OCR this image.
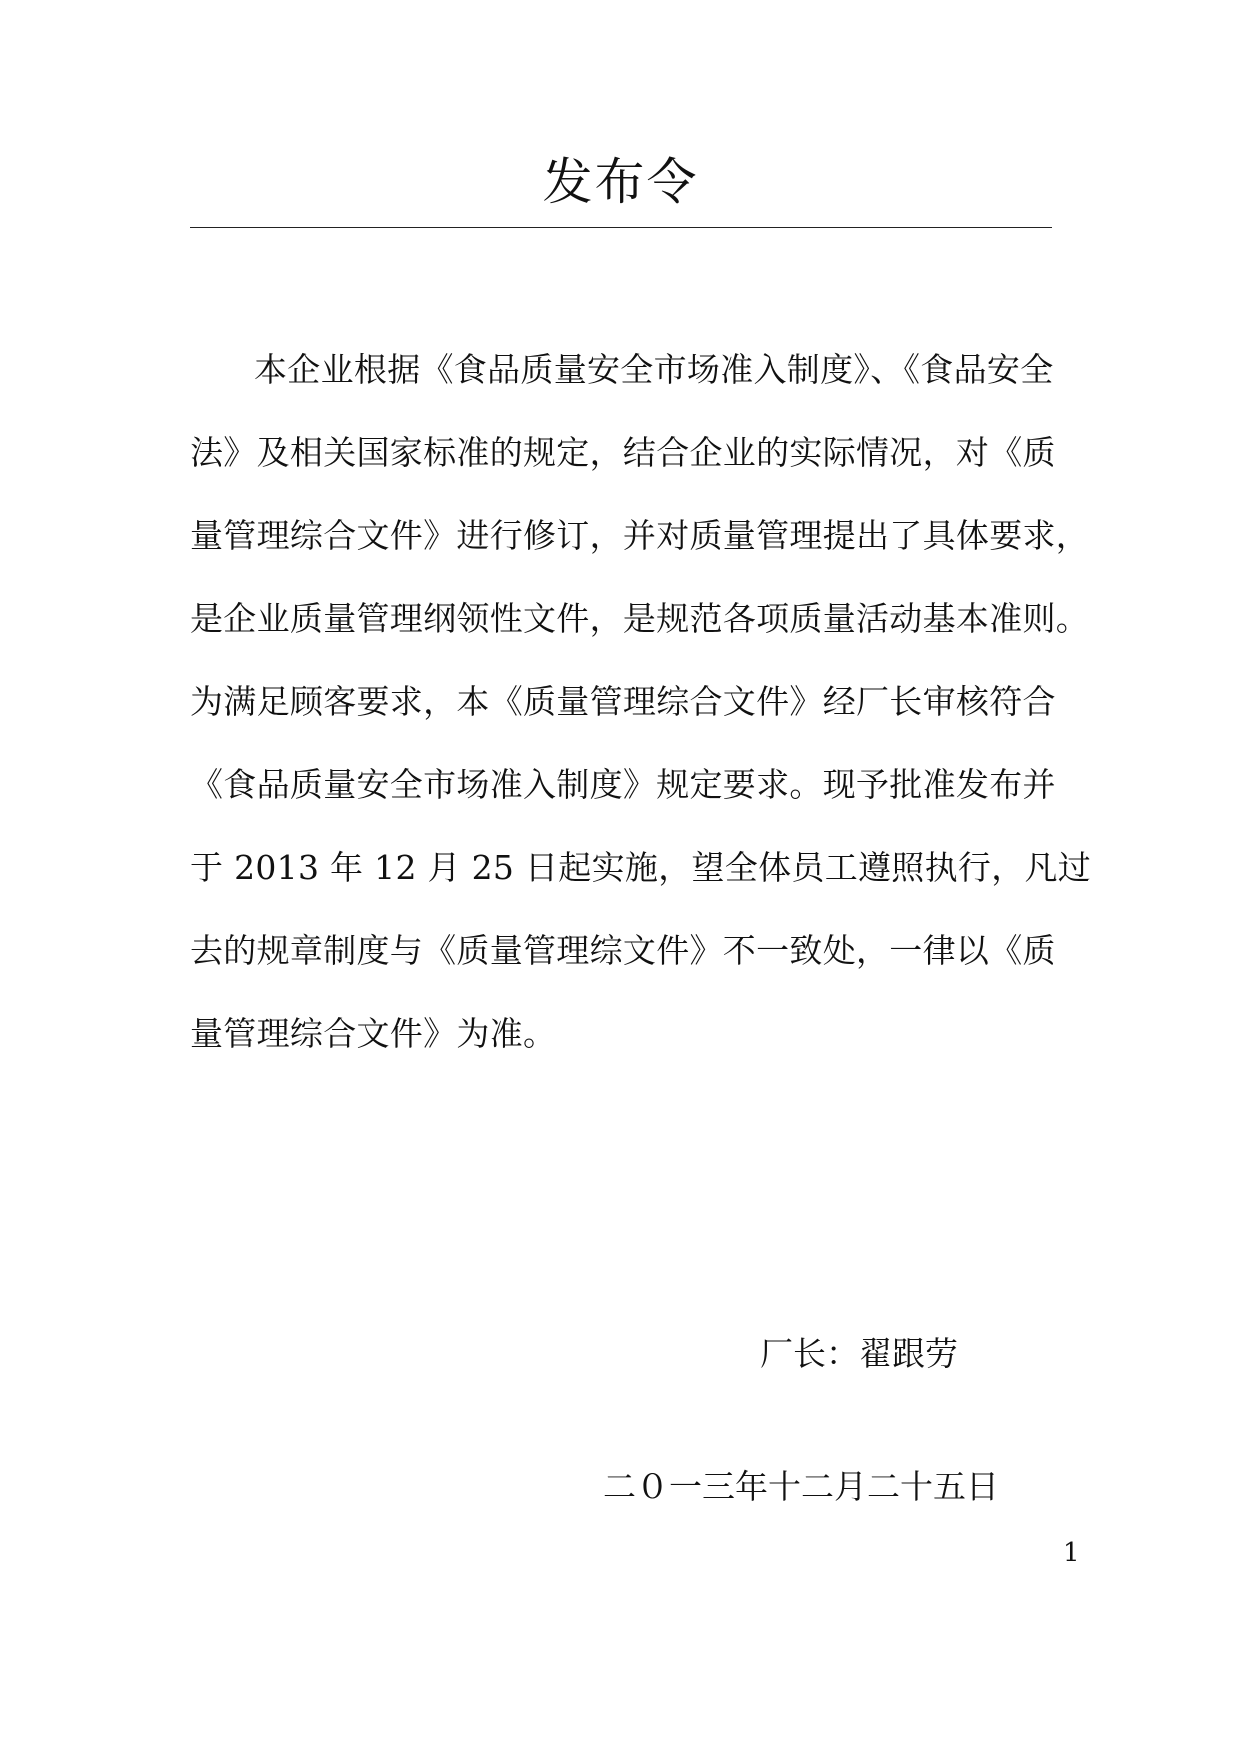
发布令
本企业根据《食品质量安全市场准入制度》、《食品安全
法》及相关国家标准的规定，结合企业的实际情况，对《质
量管理综合文件》进行修订，并对质量管理提出了具体要求，
是企业质量管理纲领性文件，是规范各项质量活动基本准则。
为满足顾客要求，本《质量管理综合文件》经厂长审核符合
《食品质量安全市场准入制度》规定要求。现予批准发布并
于 2013 年 12 月 25 日起实施，望全体员工遵照执行，凡过
去的规章制度与《质量管理综文件》不一致处，一律以《质
量管理综合文件》为准。
厂长：翟跟劳
二０一三年十二月二十五日
1
